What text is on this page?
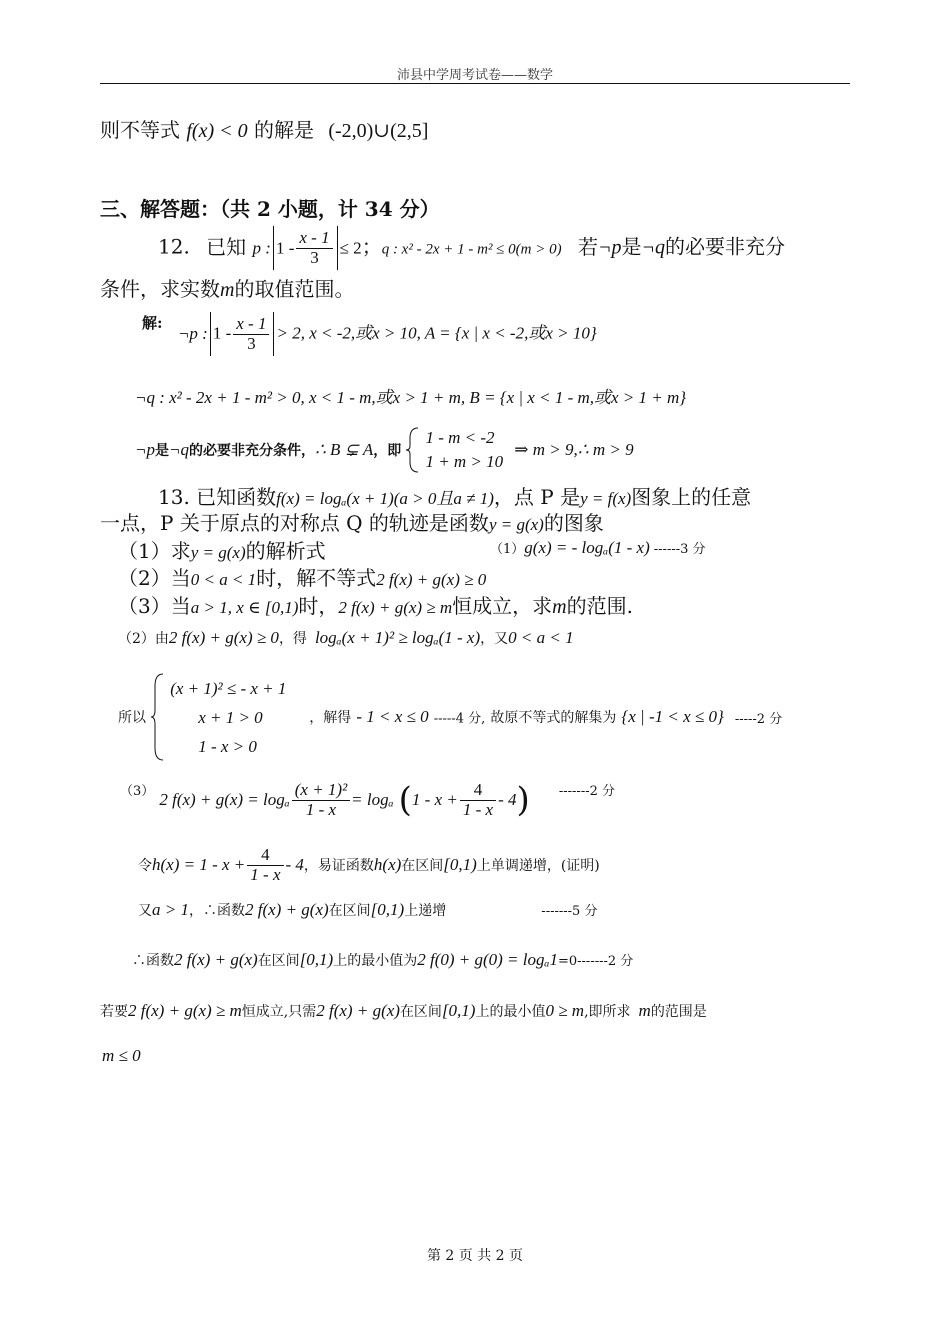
沛县中学周考试卷——数学
则不等式 f(x) < 0 的解是 (-2,0)∪(2,5]
三、解答题：（共 2 小题，计 34 分）
12. 已知 p : $1 - \frac{x - 1}{3} \le 2$；q : x² - 2x + 1 - m² ≤ 0(m > 0) 若¬p是¬q的必要非充分
条件，求实数m的取值范围。
解: ¬p : $1 - \frac{x - 1}{3} > 2$, x < -2,或x > 10, A = {x | x < -2,或x > 10}
¬q : x² - 2x + 1 - m² > 0, x < 1 - m,或x > 1 + m, B = {x | x < 1 - m,或x > 1 + m}
¬p是¬q的必要非充分条件，∴ B ⊊ A，即
1 - m < -2
1 + m > 10
⇒ m > 9,∴ m > 9
13. 已知函数f(x) = logₐ(x + 1)(a > 0且a ≠ 1)，点 P 是y = f(x)图象上的任意
一点，P 关于原点的对称点 Q 的轨迹是函数y = g(x)的图象
（1）求y = g(x)的解析式	（1）g(x) = - logₐ(1 - x) ------3 分
（2）当0 < a < 1时，解不等式2 f(x) + g(x) ≥ 0
（3）当a > 1, x ∈ [0,1)时，2 f(x) + g(x) ≥ m恒成立，求m的范围.
（2）由2 f(x) + g(x) ≥ 0，得 logₐ(x + 1)² ≥ logₐ(1 - x)，又0 < a < 1
所以
(x + 1)² ≤ - x + 1
x + 1 > 0
1 - x > 0
，解得 - 1 < x ≤ 0 -----4 分, 故原不等式的解集为 {x | -1 < x ≤ 0} -----2 分
$^{(3)}$ 2 f(x) + g(x) = logₐ $\frac{\text{(x + 1)²}}{1 - x} = \log_a$ $(1 - x + \frac{4}{1 - x} - 4)$ $^{-------2 分}$
令$h(x) = 1 - x + \frac{4}{1 - x} - 4$，易证函数h(x)在区间[0,1)上单调递增，(证明)
又a > 1，∴函数2 f(x) + g(x)在区间[0,1)上递增	-------5 分
∴函数2 f(x) + g(x)在区间[0,1)上的最小值为2 f(0) + g(0) = logₐ1=0-------2 分
若要2 f(x) + g(x) ≥ m恒成立,只需2 f(x) + g(x)在区间[0,1)上的最小值0 ≥ m,即所求 m的范围是
m ≤ 0
第 2 页 共 2 页
